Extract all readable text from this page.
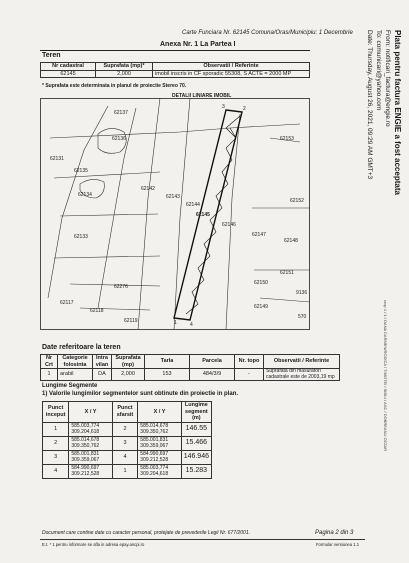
Carte Funciara Nr. 62145 Comuna/Oras/Municipiu: 1 Decembrie
Anexa Nr. 1 La Partea I
Teren
Nr cadastral	Suprafata (mp)*	Observatii / Referinte
62145	2,000	imobil inscris in CF sporadic 55308, S ACTE = 2000 MP
* Suprafata este determinata in planul de proiectie Stereo 70.
DETALII LINIARE IMOBIL
62137
62136
62131
62135
62134
62142
62143
62144
62145
62146
62147
62148
62151
62152
62153
62133
62276
62117
62118
62119
62150
62149
9136
570
1
2
3
4
Plata pentru factura ENGIE a fost acceptata
From: notificari_factura@engie.ro
To: comunicari@yahoo.com
Date: Thursday, August 26, 2021, 09:29 AM GMT+3
Date referitoare la teren
Nr Crt	Categorie folosinta	Intra vilan	Suprafata (mp)	Tarla	Parcela	Nr. topo	Observatii / Referinte
1	arabil	DA	2,000	153	484/3/9	-	Suprafata din masuratori cadastrale este de 2003,19 mp
Lungime Segmente
1) Valorile lungimilor segmentelor sunt obtinute din proiectie in plan.
Punct inceput	X / Y	Punct sfarsit	X / Y	Lungime segment (m)
1	585.003,774 309.204,618	2	585.014,678 309.350,762	146.55
2	585.014,678 309.350,762	3	585.001,831 309.359,067	15.466
3	585.001,831 309.359,067	4	584.990,697 309.212,528	146.946
4	584.990,697 309.212,528	1	585.003,774 309.204,618	15.283
crop 1 / 1 / DANA CARMEN/RODICA / TIMOTEI / SIBIU / ASC / DOBREANU CEZAR
Document care contine date cu caracter personal, protejate de prevederile Legii Nr. 677/2001.	Pagina 2 din 3
E.t. * 1 pentru informare se afla in adresa epay.ancpi.ro	Formular versiunea 1.1
